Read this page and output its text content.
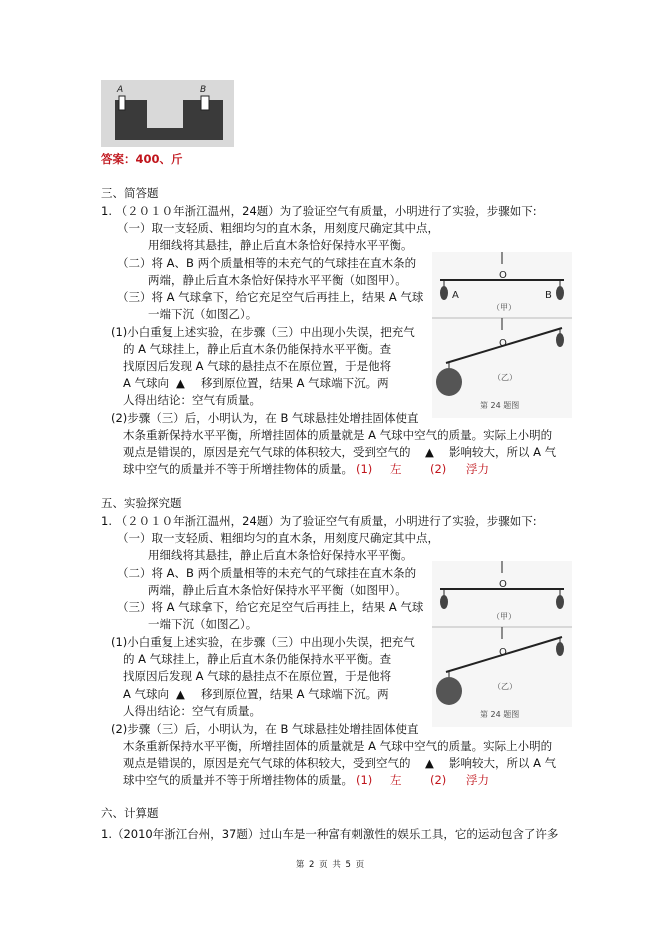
A	B
答案：400、斤
三、简答题
1. （２０１０年浙江温州，24题）为了验证空气有质量，小明进行了实验，步骤如下:
（一）取一支轻质、粗细均匀的直木条，用刻度尺确定其中点，
用细线将其悬挂，静止后直木条恰好保持水平平衡。
（二）将 A、B 两个质量相等的未充气的气球挂在直木条的
两端，静止后直木条恰好保持水平平衡（如图甲）。
（三）将 A 气球拿下，给它充足空气后再挂上，结果 A 气球
一端下沉（如图乙）。
(1)小白重复上述实验，在步骤（三）中出现小失误，把充气
的 A 气球挂上，静止后直木条仍能保持水平平衡。查
找原因后发现 A 气球的悬挂点不在原位置，于是他将
A 气球向 ▲ 移到原位置，结果 A 气球端下沉。两
人得出结论：空气有质量。
(2)步骤（三）后，小明认为，在 B 气球悬挂处增挂固体使直
木条重新保持水平平衡，所增挂固体的质量就是 A 气球中空气的质量。实际上小明的
观点是错误的，原因是充气气球的体积较大，受到空气的 ▲ 影响较大，所以 A 气
球中空气的质量并不等于所增挂物体的质量。 (1) 左 (2) 浮力
O
A	B
（甲）
O
（乙）
第 24 题图
五、实验探究题
1. （２０１０年浙江温州，24题）为了验证空气有质量，小明进行了实验，步骤如下:
（一）取一支轻质、粗细均匀的直木条，用刻度尺确定其中点，
用细线将其悬挂，静止后直木条恰好保持水平平衡。
（二）将 A、B 两个质量相等的未充气的气球挂在直木条的
两端，静止后直木条恰好保持水平平衡（如图甲）。
（三）将 A 气球拿下，给它充足空气后再挂上，结果 A 气球
一端下沉（如图乙）。
(1)小白重复上述实验，在步骤（三）中出现小失误，把充气
的 A 气球挂上，静止后直木条仍能保持水平平衡。查
找原因后发现 A 气球的悬挂点不在原位置，于是他将
A 气球向 ▲ 移到原位置，结果 A 气球端下沉。两
人得出结论：空气有质量。
(2)步骤（三）后，小明认为，在 B 气球悬挂处增挂固体使直
木条重新保持水平平衡，所增挂固体的质量就是 A 气球中空气的质量。实际上小明的
观点是错误的，原因是充气气球的体积较大，受到空气的 ▲ 影响较大，所以 A 气
球中空气的质量并不等于所增挂物体的质量。 (1) 左 (2) 浮力
O
（甲）
O
（乙）
第 24 题图
六、计算题
1.（2010年浙江台州，37题）过山车是一种富有刺激性的娱乐工具，它的运动包含了许多
第 2 页 共 5 页
